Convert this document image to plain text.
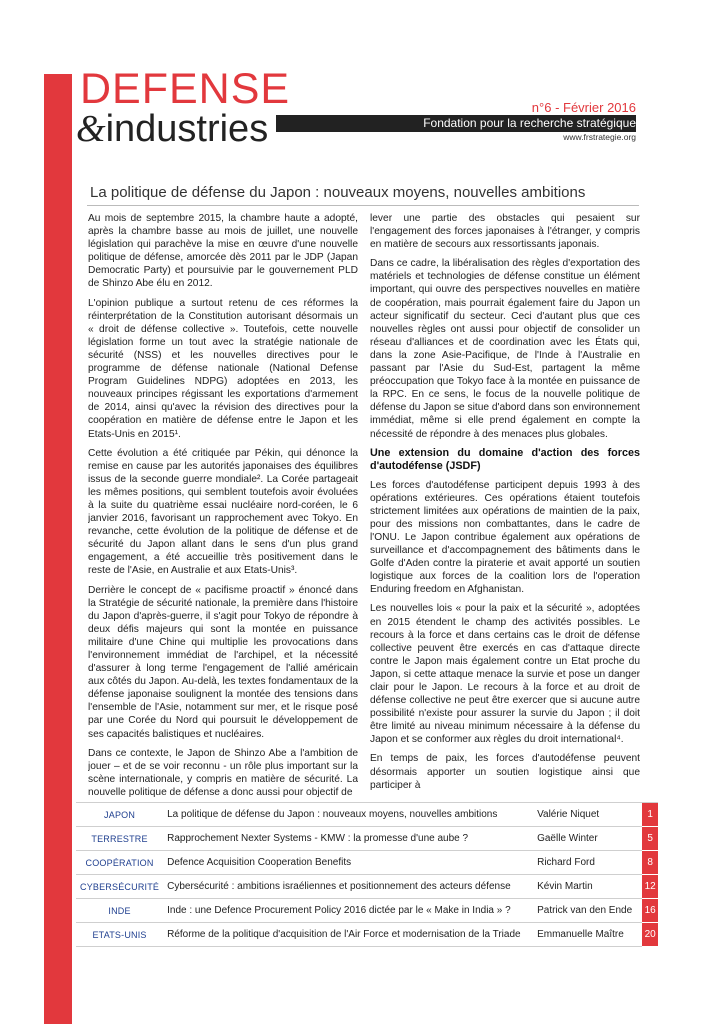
DEFENSE
&industries
n°6 - Février 2016
Fondation pour la recherche stratégique
www.frstrategie.org
La politique de défense du Japon : nouveaux moyens, nouvelles ambitions

Au mois de septembre 2015, la chambre haute a adopté, après la chambre basse au mois de juillet, une nouvelle législation qui parachève la mise en œuvre d'une nouvelle politique de défense, amorcée dès 2011 par le JDP (Japan Democratic Party) et poursuivie par le gouvernement PLD de Shinzo Abe élu en 2012.

L'opinion publique a surtout retenu de ces réformes la réinterprétation de la Constitution autorisant désormais un « droit de défense collective ». Toutefois, cette nouvelle législation forme un tout avec la stratégie nationale de sécurité (NSS) et les nouvelles directives pour le programme de défense nationale (National Defense Program Guidelines NDPG) adoptées en 2013, les nouveaux principes régissant les exportations d'armement de 2014, ainsi qu'avec la révision des directives pour la coopération en matière de défense entre le Japon et les Etats-Unis en 2015¹.

Cette évolution a été critiquée par Pékin, qui dénonce la remise en cause par les autorités japonaises des équilibres issus de la seconde guerre mondiale². La Corée partageait les mêmes positions, qui semblent toutefois avoir évoluées à la suite du quatrième essai nucléaire nord-coréen, le 6 janvier 2016, favorisant un rapprochement avec Tokyo. En revanche, cette évolution de la politique de défense et de sécurité du Japon allant dans le sens d'un plus grand engagement, a été accueillie très positivement dans le reste de l'Asie, en Australie et aux Etats-Unis³.

Derrière le concept de « pacifisme proactif » énoncé dans la Stratégie de sécurité nationale, la première dans l'histoire du Japon d'après-guerre, il s'agit pour Tokyo de répondre à deux défis majeurs qui sont la montée en puissance militaire d'une Chine qui multiplie les provocations dans l'environnement immédiat de l'archipel, et la nécessité d'assurer à long terme l'engagement de l'allié américain aux côtés du Japon. Au-delà, les textes fondamentaux de la défense japonaise soulignent la montée des tensions dans l'ensemble de l'Asie, notamment sur mer, et le risque posé par une Corée du Nord qui poursuit le développement de ses capacités balistiques et nucléaires.

Dans ce contexte, le Japon de Shinzo Abe a l'ambition de jouer – et de se voir reconnu - un rôle plus important sur la scène internationale, y compris en matière de sécurité. La nouvelle politique de défense a donc aussi pour objectif de

lever une partie des obstacles qui pesaient sur l'engagement des forces japonaises à l'étranger, y compris en matière de secours aux ressortissants japonais.

Dans ce cadre, la libéralisation des règles d'exportation des matériels et technologies de défense constitue un élément important, qui ouvre des perspectives nouvelles en matière de coopération, mais pourrait également faire du Japon un acteur significatif du secteur. Ceci d'autant plus que ces nouvelles règles ont aussi pour objectif de consolider un réseau d'alliances et de coordination avec les États qui, dans la zone Asie-Pacifique, de l'Inde à l'Australie en passant par l'Asie du Sud-Est, partagent la même préoccupation que Tokyo face à la montée en puissance de la RPC. En ce sens, le focus de la nouvelle politique de défense du Japon se situe d'abord dans son environnement immédiat, même si elle prend également en compte la nécessité de répondre à des menaces plus globales.

Une extension du domaine d'action des forces d'autodéfense (JSDF)

Les forces d'autodéfense participent depuis 1993 à des opérations extérieures. Ces opérations étaient toutefois strictement limitées aux opérations de maintien de la paix, pour des missions non combattantes, dans le cadre de l'ONU. Le Japon contribue également aux opérations de surveillance et d'accompagnement des bâtiments dans le Golfe d'Aden contre la piraterie et avait apporté un soutien logistique aux forces de la coalition lors de l'operation Enduring freedom en Afghanistan.

Les nouvelles lois « pour la paix et la sécurité », adoptées en 2015 étendent le champ des activités possibles. Le recours à la force et dans certains cas le droit de défense collective peuvent être exercés en cas d'attaque directe contre le Japon mais également contre un Etat proche du Japon, si cette attaque menace la survie et pose un danger clair pour le Japon. Le recours à la force et au droit de défense collective ne peut être exercer que si aucune autre possibilité n'existe pour assurer la survie du Japon ; il doit être limité au niveau minimum nécessaire à la défense du Japon et se conformer aux règles du droit international⁴.

En temps de paix, les forces d'autodéfense peuvent désormais apporter un soutien logistique ainsi que participer à

JAPON	La politique de défense du Japon : nouveaux moyens, nouvelles ambitions	Valérie Niquet	1
TERRESTRE	Rapprochement Nexter Systems - KMW : la promesse d'une aube ?	Gaëlle Winter	5
COOPÉRATION	Defence Acquisition Cooperation Benefits	Richard Ford	8
CYBERSÉCURITÉ	Cybersécurité : ambitions israéliennes et positionnement des acteurs défense	Kévin Martin	12
INDE	Inde : une Defence Procurement Policy 2016 dictée par le « Make in India » ?	Patrick van den Ende	16
ETATS-UNIS	Réforme de la politique d'acquisition de l'Air Force et modernisation de la Triade	Emmanuelle Maître	20
